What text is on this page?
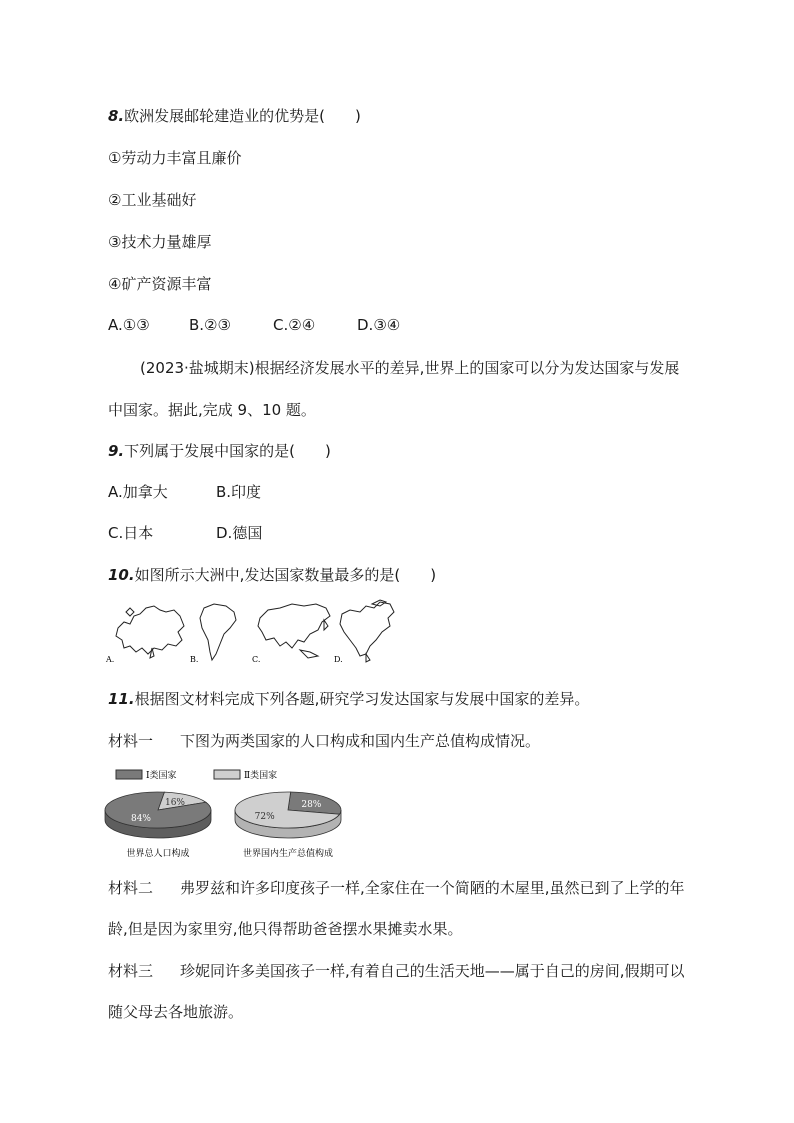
8.欧洲发展邮轮建造业的优势是(　　)
①劳动力丰富且廉价
②工业基础好
③技术力量雄厚
④矿产资源丰富
A.①③	B.②③	C.②④	D.③④
(2023·盐城期末)根据经济发展水平的差异,世界上的国家可以分为发达国家与发展
中国家。据此,完成 9、10 题。
9.下列属于发展中国家的是(　　)
A.加拿大	B.印度
C.日本	D.德国
10.如图所示大洲中,发达国家数量最多的是(　　)
A.	B.	C.	D.
11.根据图文材料完成下列各题,研究学习发达国家与发展中国家的差异。
材料一 下图为两类国家的人口构成和国内生产总值构成情况。
Ⅰ类国家	Ⅱ类国家
世界总人口构成	世界国内生产总值构成
16%
84%
28%
72%
材料二 弗罗兹和许多印度孩子一样,全家住在一个简陋的木屋里,虽然已到了上学的年
龄,但是因为家里穷,他只得帮助爸爸摆水果摊卖水果。
材料三 珍妮同许多美国孩子一样,有着自己的生活天地——属于自己的房间,假期可以
随父母去各地旅游。
